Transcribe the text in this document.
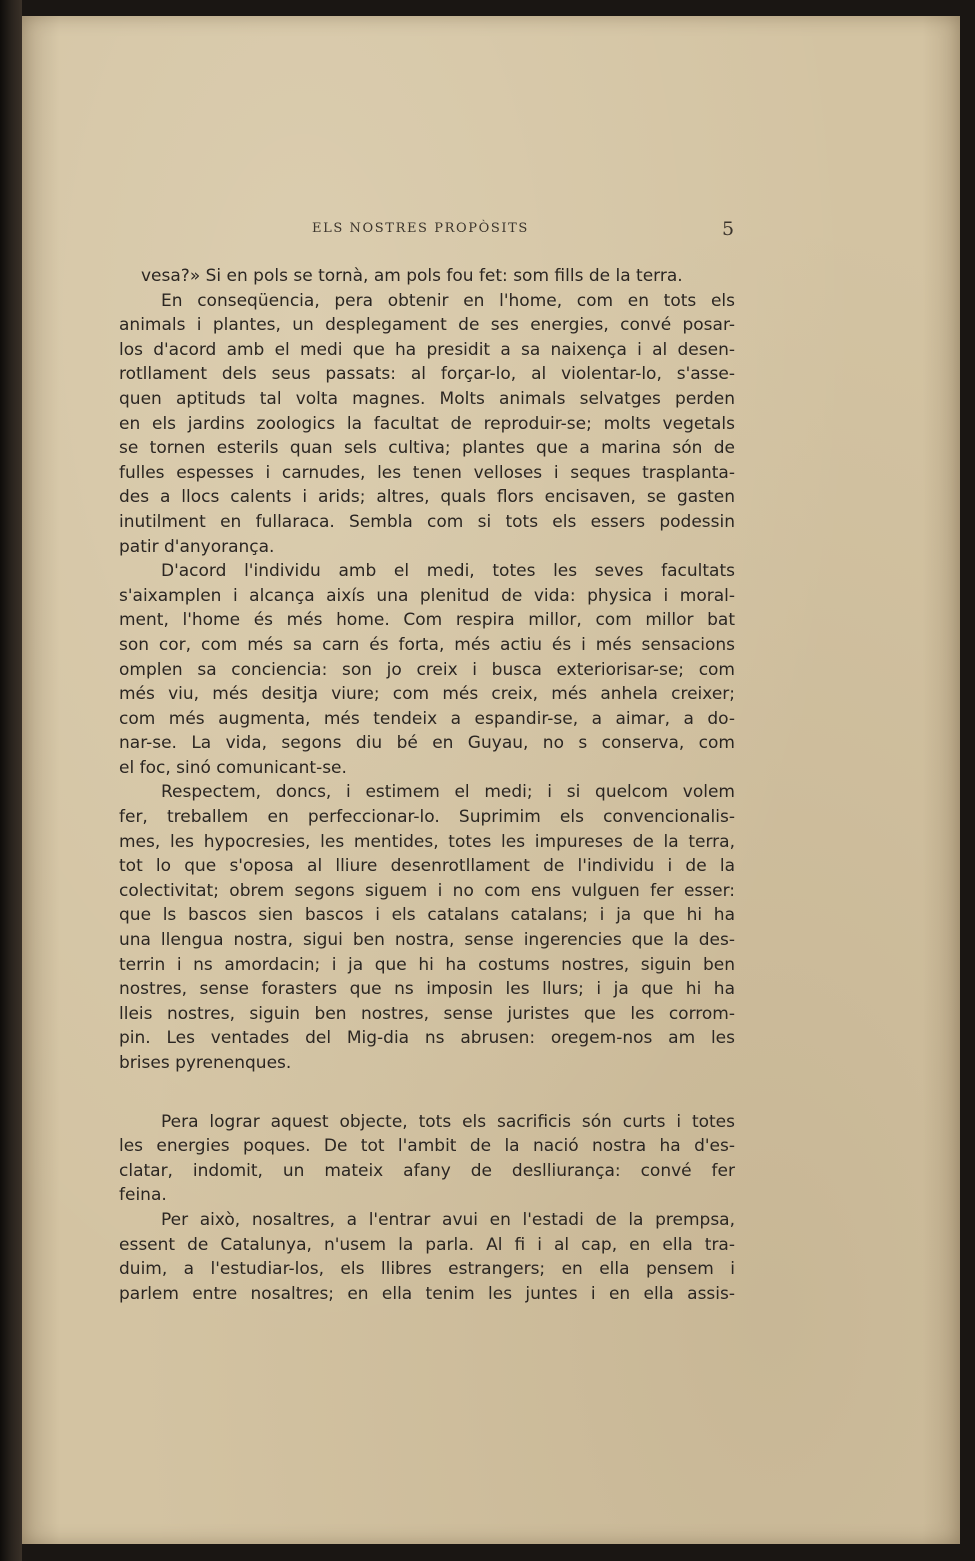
ELS NOSTRES PROPÒSITS	5

vesa?» Si en pols se tornà, am pols fou fet: som fills de la terra.

En conseqüencia, pera obtenir en l'home, com en tots els
animals i plantes, un desplegament de ses energies, convé posar-
los d'acord amb el medi que ha presidit a sa naixença i al desen-
rotllament dels seus passats: al forçar-lo, al violentar-lo, s'asse-
quen aptituds tal volta magnes. Molts animals selvatges perden
en els jardins zoologics la facultat de reproduir-se; molts vegetals
se tornen esterils quan sels cultiva; plantes que a marina són de
fulles espesses i carnudes, les tenen velloses i seques trasplanta-
des a llocs calents i arids; altres, quals flors encisaven, se gasten
inutilment en fullaraca. Sembla com si tots els essers podessin
patir d'anyorança.

D'acord l'individu amb el medi, totes les seves facultats
s'aixamplen i alcança aixís una plenitud de vida: physica i moral-
ment, l'home és més home. Com respira millor, com millor bat
son cor, com més sa carn és forta, més actiu és i més sensacions
omplen sa conciencia: son jo creix i busca exteriorisar-se; com
més viu, més desitja viure; com més creix, més anhela creixer;
com més augmenta, més tendeix a espandir-se, a aimar, a do-
nar-se. La vida, segons diu bé en Guyau, no s conserva, com
el foc, sinó comunicant-se.

Respectem, doncs, i estimem el medi; i si quelcom volem
fer, treballem en perfeccionar-lo. Suprimim els convencionalis-
mes, les hypocresies, les mentides, totes les impureses de la terra,
tot lo que s'oposa al lliure desenrotllament de l'individu i de la
colectivitat; obrem segons siguem i no com ens vulguen fer esser:
que ls bascos sien bascos i els catalans catalans; i ja que hi ha
una llengua nostra, sigui ben nostra, sense ingerencies que la des-
terrin i ns amordacin; i ja que hi ha costums nostres, siguin ben
nostres, sense forasters que ns imposin les llurs; i ja que hi ha
lleis nostres, siguin ben nostres, sense juristes que les corrom-
pin. Les ventades del Mig-dia ns abrusen: oregem-nos am les
brises pyrenenques.

Pera lograr aquest objecte, tots els sacrificis són curts i totes
les energies poques. De tot l'ambit de la nació nostra ha d'es-
clatar, indomit, un mateix afany de deslliurança: convé fer
feina.

Per això, nosaltres, a l'entrar avui en l'estadi de la prempsa,
essent de Catalunya, n'usem la parla. Al fi i al cap, en ella tra-
duim, a l'estudiar-los, els llibres estrangers; en ella pensem i
parlem entre nosaltres; en ella tenim les juntes i en ella assis-
